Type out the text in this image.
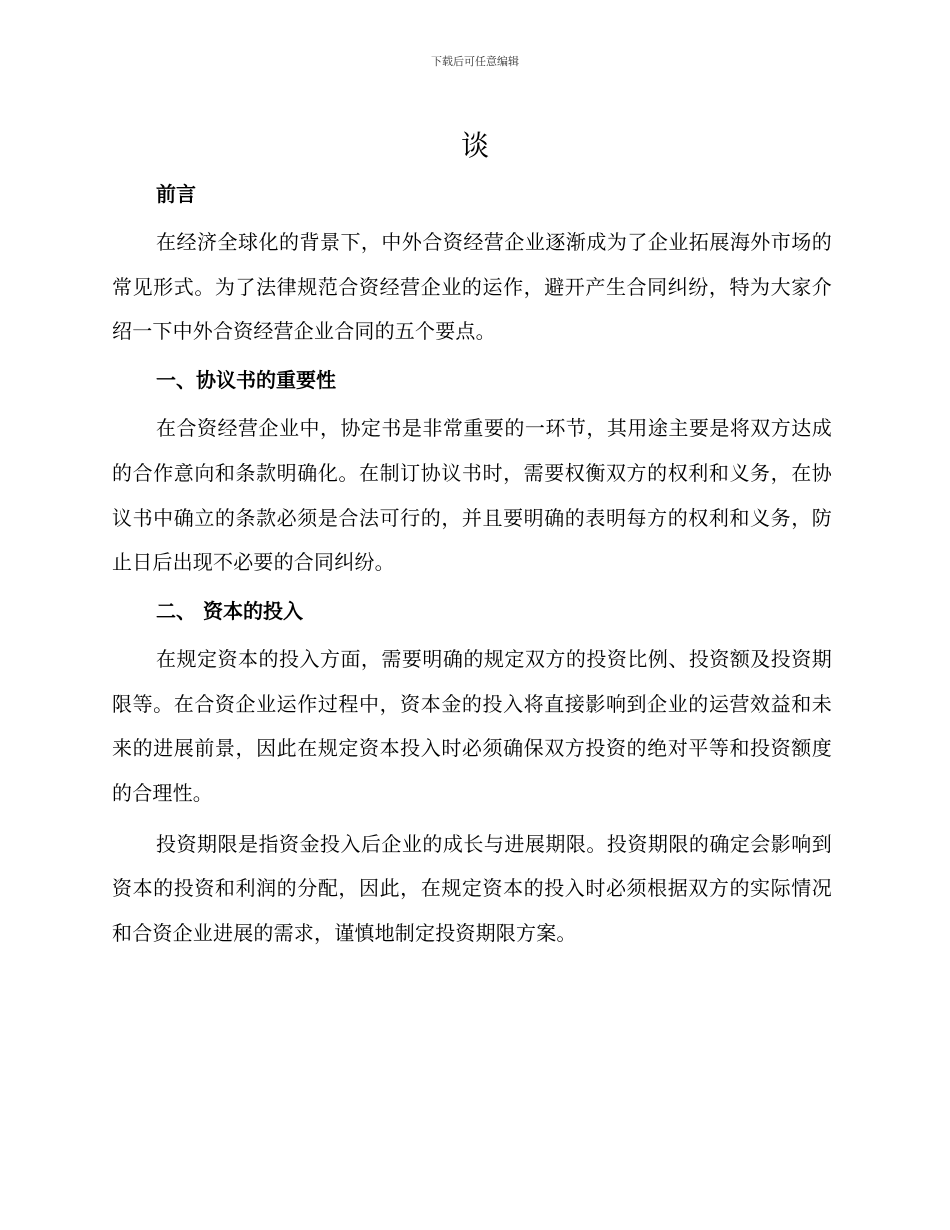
下载后可任意编辑
谈
前言

在经济全球化的背景下，中外合资经营企业逐渐成为了企业拓展海外市场的常见形式。为了法律规范合资经营企业的运作，避开产生合同纠纷，特为大家介绍一下中外合资经营企业合同的五个要点。

一、协议书的重要性

在合资经营企业中，协定书是非常重要的一环节，其用途主要是将双方达成的合作意向和条款明确化。在制订协议书时，需要权衡双方的权利和义务，在协议书中确立的条款必须是合法可行的，并且要明确的表明每方的权利和义务，防止日后出现不必要的合同纠纷。

二、 资本的投入

在规定资本的投入方面，需要明确的规定双方的投资比例、投资额及投资期限等。在合资企业运作过程中，资本金的投入将直接影响到企业的运营效益和未来的进展前景，因此在规定资本投入时必须确保双方投资的绝对平等和投资额度的合理性。

投资期限是指资金投入后企业的成长与进展期限。投资期限的确定会影响到资本的投资和利润的分配，因此，在规定资本的投入时必须根据双方的实际情况和合资企业进展的需求，谨慎地制定投资期限方案。
